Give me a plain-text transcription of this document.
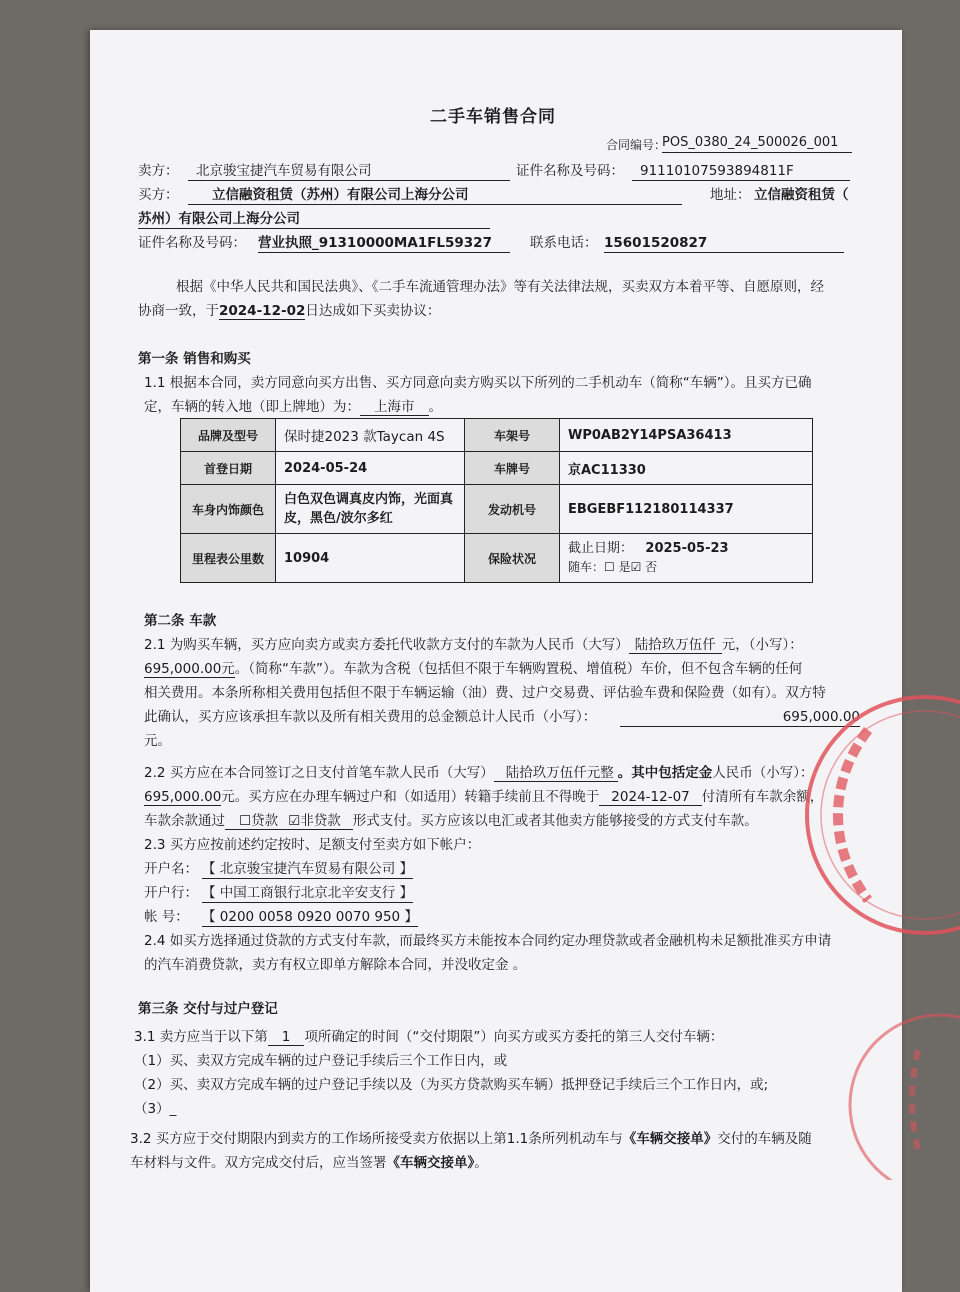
二手车销售合同
合同编号：
POS_0380_24_500026_001
卖方：	北京骏宝捷汽车贸易有限公司	证件名称及号码：	91110107593894811F
买方：	立信融资租赁（苏州）有限公司上海分公司	地址： 立信融资租赁（
苏州）有限公司上海分公司
证件名称及号码： 营业执照_91310000MA1FL59327	联系电话： 15601520827
根据《中华人民共和国民法典》、《二手车流通管理办法》等有关法律法规，买卖双方本着平等、自愿原则，经
协商一致，于2024-12-02日达成如下买卖协议：
第一条 销售和购买
1.1 根据本合同，卖方同意向买方出售、买方同意向卖方购买以下所列的二手机动车（简称“车辆”）。且买方已确
定，车辆的转入地（即上牌地）为： 上海市 。
品牌及型号	保时捷2023 款Taycan 4S	车架号	WP0AB2Y14PSA36413
首登日期	2024-05-24	车牌号	京AC11330
车身内饰颜色	白色双色调真皮内饰，光面真皮，黑色/波尔多红	发动机号	EBGEBF112180114337
里程表公里数	10904	保险状况	截止日期： 2025-05-23
随车：☐ 是☑ 否
第二条 车款
2.1 为购买车辆，买方应向卖方或卖方委托代收款方支付的车款为人民币（大写） 陆拾玖万伍仟 元，（小写）：
695,000.00元。（简称“车款”）。车款为含税（包括但不限于车辆购置税、增值税）车价，但不包含车辆的任何
相关费用。本条所称相关费用包括但不限于车辆运输（油）费、过户交易费、评估验车费和保险费（如有）。双方特
此确认，买方应该承担车款以及所有相关费用的总金额总计人民币（小写）：	695,000.00
元。
2.2 买方应在本合同签订之日支付首笔车款人民币（大写） 陆拾玖万伍仟元整 。其中包括定金人民币（小写）：
695,000.00元。买方应在办理车辆过户和（如适用）转籍手续前且不得晚于 2024-12-07 付清所有车款余额，
车款余款通过 ☐贷款 ☑非贷款 形式支付。买方应该以电汇或者其他卖方能够接受的方式支付车款。
2.3 买方应按前述约定按时、足额支付至卖方如下帐户：
开户名： 【 北京骏宝捷汽车贸易有限公司 】
开户行： 【 中国工商银行北京北辛安支行 】
帐 号： 【 0200 0058 0920 0070 950 】
2.4 如买方选择通过贷款的方式支付车款，而最终买方未能按本合同约定办理贷款或者金融机构未足额批准买方申请
的汽车消费贷款，卖方有权立即单方解除本合同，并没收定金 。
第三条 交付与过户登记
3.1 卖方应当于以下第 1 项所确定的时间（“交付期限”）向买方或买方委托的第三人交付车辆：
（1）买、卖双方完成车辆的过户登记手续后三个工作日内，或
（2）买、卖双方完成车辆的过户登记手续以及（为买方贷款购买车辆）抵押登记手续后三个工作日内，或;
（3）_
3.2 买方应于交付期限内到卖方的工作场所接受卖方依据以上第1.1条所列机动车与《车辆交接单》交付的车辆及随
车材料与文件。双方完成交付后，应当签署《车辆交接单》。
